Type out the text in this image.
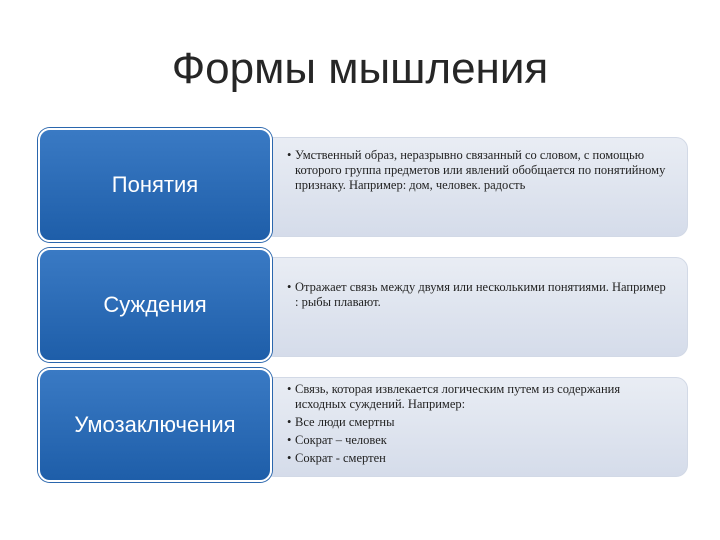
Формы мышления
Понятия
• Умственный образ, неразрывно связанный со словом, с помощью которого группа предметов или явлений обобщается по понятийному признаку. Например: дом, человек. радость
Суждения
• Отражает связь между двумя или несколькими понятиями. Например : рыбы плавают.
Умозаключения
• Связь, которая извлекается логическим путем из содержания исходных суждений. Например:
• Все люди смертны
• Сократ – человек
• Сократ - смертен
